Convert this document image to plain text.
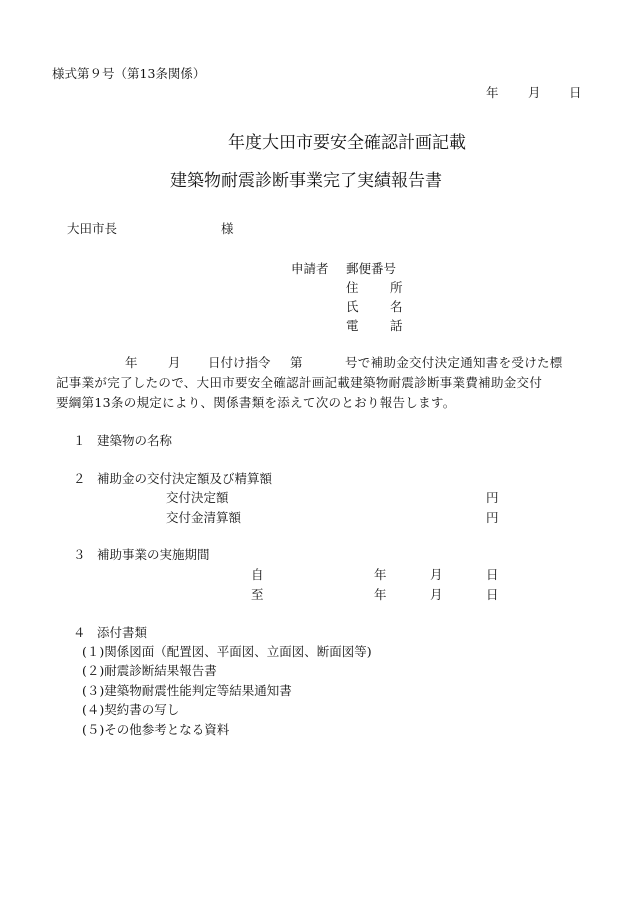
様式第９号（第13条関係）
年 月 日
年度大田市要安全確認計画記載
建築物耐震診断事業完了実績報告書
大田市長	様
申請者 郵便番号
住	所
氏	名
電	話
年 月 日付け指令 第	号で補助金交付決定通知書を受けた標
記事業が完了したので、大田市要安全確認計画記載建築物耐震診断事業費補助金交付
要綱第13条の規定により、関係書類を添えて次のとおり報告します。
１ 建築物の名称
２ 補助金の交付決定額及び精算額
交付決定額	円
交付金清算額	円
３ 補助事業の実施期間
自	年	月	日
至	年	月	日
４ 添付書類
(１)関係図面（配置図、平面図、立面図、断面図等)
(２)耐震診断結果報告書
(３)建築物耐震性能判定等結果通知書
(４)契約書の写し
(５)その他参考となる資料
